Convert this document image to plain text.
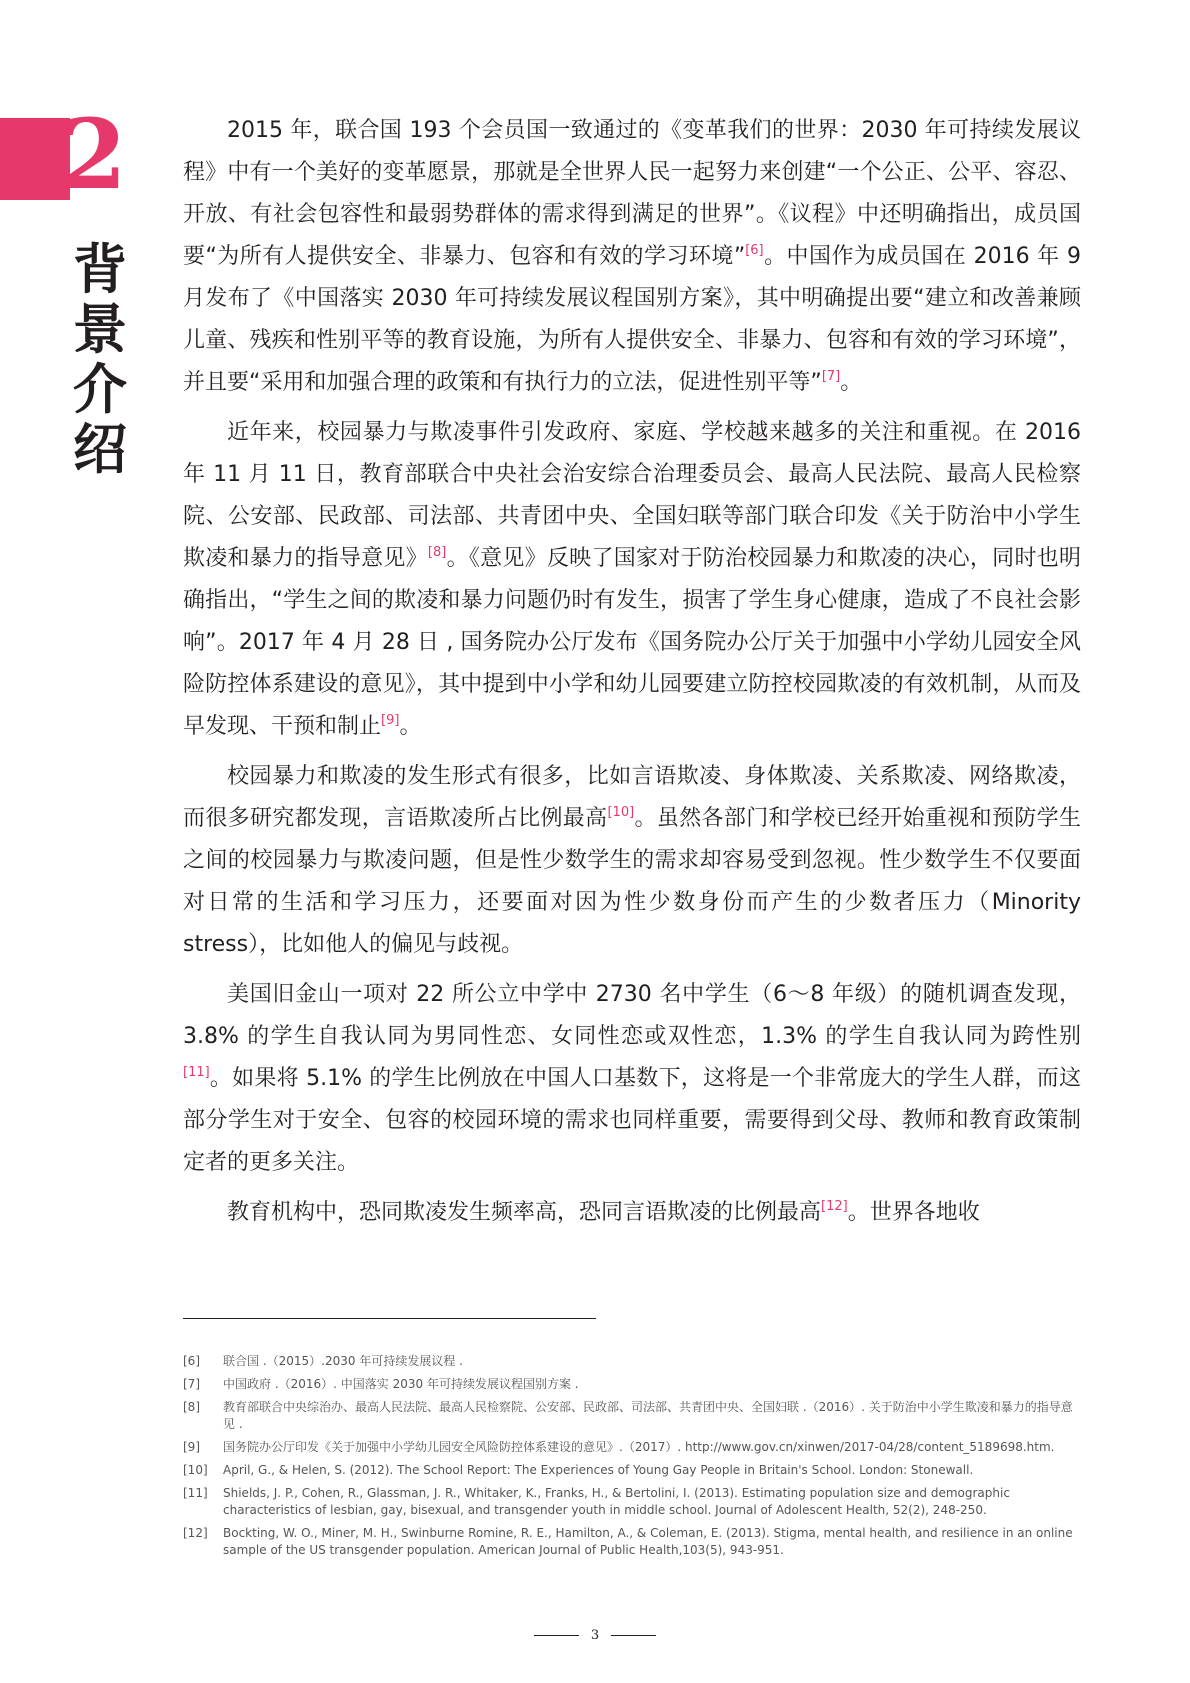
2
背景介绍

2015 年，联合国 193 个会员国一致通过的《变革我们的世界：2030 年可持续发展议程》中有一个美好的变革愿景，那就是全世界人民一起努力来创建“一个公正、公平、容忍、开放、有社会包容性和最弱势群体的需求得到满足的世界”。《议程》中还明确指出，成员国要“为所有人提供安全、非暴力、包容和有效的学习环境”[6]。中国作为成员国在 2016 年 9 月发布了《中国落实 2030 年可持续发展议程国别方案》，其中明确提出要“建立和改善兼顾儿童、残疾和性别平等的教育设施，为所有人提供安全、非暴力、包容和有效的学习环境”，并且要“采用和加强合理的政策和有执行力的立法，促进性别平等”[7]。

近年来，校园暴力与欺凌事件引发政府、家庭、学校越来越多的关注和重视。在 2016 年 11 月 11 日，教育部联合中央社会治安综合治理委员会、最高人民法院、最高人民检察院、公安部、民政部、司法部、共青团中央、全国妇联等部门联合印发《关于防治中小学生欺凌和暴力的指导意见》[8]。《意见》反映了国家对于防治校园暴力和欺凌的决心，同时也明确指出，“学生之间的欺凌和暴力问题仍时有发生，损害了学生身心健康，造成了不良社会影响”。2017 年 4 月 28 日 , 国务院办公厅发布《国务院办公厅关于加强中小学幼儿园安全风险防控体系建设的意见》，其中提到中小学和幼儿园要建立防控校园欺凌的有效机制，从而及早发现、干预和制止[9]。

校园暴力和欺凌的发生形式有很多，比如言语欺凌、身体欺凌、关系欺凌、网络欺凌，而很多研究都发现，言语欺凌所占比例最高[10]。虽然各部门和学校已经开始重视和预防学生之间的校园暴力与欺凌问题，但是性少数学生的需求却容易受到忽视。性少数学生不仅要面对日常的生活和学习压力，还要面对因为性少数身份而产生的少数者压力（Minority stress），比如他人的偏见与歧视。

美国旧金山一项对 22 所公立中学中 2730 名中学生（6～8 年级）的随机调查发现，3.8% 的学生自我认同为男同性恋、女同性恋或双性恋，1.3% 的学生自我认同为跨性别[11]。如果将 5.1% 的学生比例放在中国人口基数下，这将是一个非常庞大的学生人群，而这部分学生对于安全、包容的校园环境的需求也同样重要，需要得到父母、教师和教育政策制定者的更多关注。

教育机构中，恐同欺凌发生频率高，恐同言语欺凌的比例最高[12]。世界各地收

[6]	联合国 .（2015）.2030 年可持续发展议程 .
[7]	中国政府 .（2016）. 中国落实 2030 年可持续发展议程国别方案 .
[8]	教育部联合中央综治办、最高人民法院、最高人民检察院、公安部、民政部、司法部、共青团中央、全国妇联 .（2016）. 关于防治中小学生欺凌和暴力的指导意见 .
[9]	国务院办公厅印发《关于加强中小学幼儿园安全风险防控体系建设的意见》.（2017）. http://www.gov.cn/xinwen/2017-04/28/content_5189698.htm.
[10]	April, G., & Helen, S. (2012). The School Report: The Experiences of Young Gay People in Britain's School. London: Stonewall.
[11]	Shields, J. P., Cohen, R., Glassman, J. R., Whitaker, K., Franks, H., & Bertolini, I. (2013). Estimating population size and demographic characteristics of lesbian, gay, bisexual, and transgender youth in middle school. Journal of Adolescent Health, 52(2), 248-250.
[12]	Bockting, W. O., Miner, M. H., Swinburne Romine, R. E., Hamilton, A., & Coleman, E. (2013). Stigma, mental health, and resilience in an online sample of the US transgender population. American Journal of Public Health,103(5), 943-951.
3
